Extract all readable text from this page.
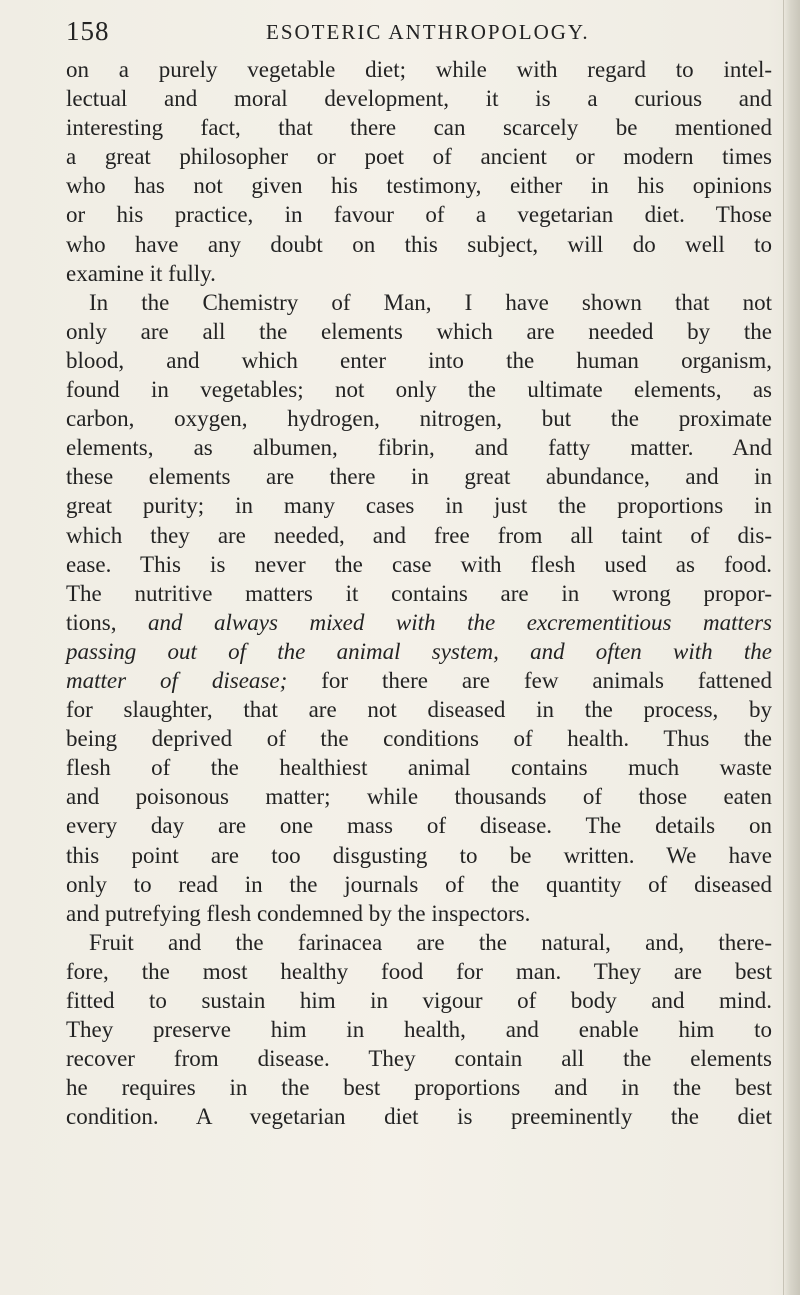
158	ESOTERIC ANTHROPOLOGY.
on a purely vegetable diet; while with regard to intel-
lectual and moral development, it is a curious and
interesting fact, that there can scarcely be mentioned
a great philosopher or poet of ancient or modern times
who has not given his testimony, either in his opinions
or his practice, in favour of a vegetarian diet. Those
who have any doubt on this subject, will do well to
examine it fully.
In the Chemistry of Man, I have shown that not
only are all the elements which are needed by the
blood, and which enter into the human organism,
found in vegetables; not only the ultimate elements, as
carbon, oxygen, hydrogen, nitrogen, but the proximate
elements, as albumen, fibrin, and fatty matter. And
these elements are there in great abundance, and in
great purity; in many cases in just the proportions in
which they are needed, and free from all taint of dis-
ease. This is never the case with flesh used as food.
The nutritive matters it contains are in wrong propor-
tions, and always mixed with the excrementitious matters
passing out of the animal system, and often with the
matter of disease; for there are few animals fattened
for slaughter, that are not diseased in the process, by
being deprived of the conditions of health. Thus the
flesh of the healthiest animal contains much waste
and poisonous matter; while thousands of those eaten
every day are one mass of disease. The details on
this point are too disgusting to be written. We have
only to read in the journals of the quantity of diseased
and putrefying flesh condemned by the inspectors.
Fruit and the farinacea are the natural, and, there-
fore, the most healthy food for man. They are best
fitted to sustain him in vigour of body and mind.
They preserve him in health, and enable him to
recover from disease. They contain all the elements
he requires in the best proportions and in the best
condition. A vegetarian diet is preeminently the diet
